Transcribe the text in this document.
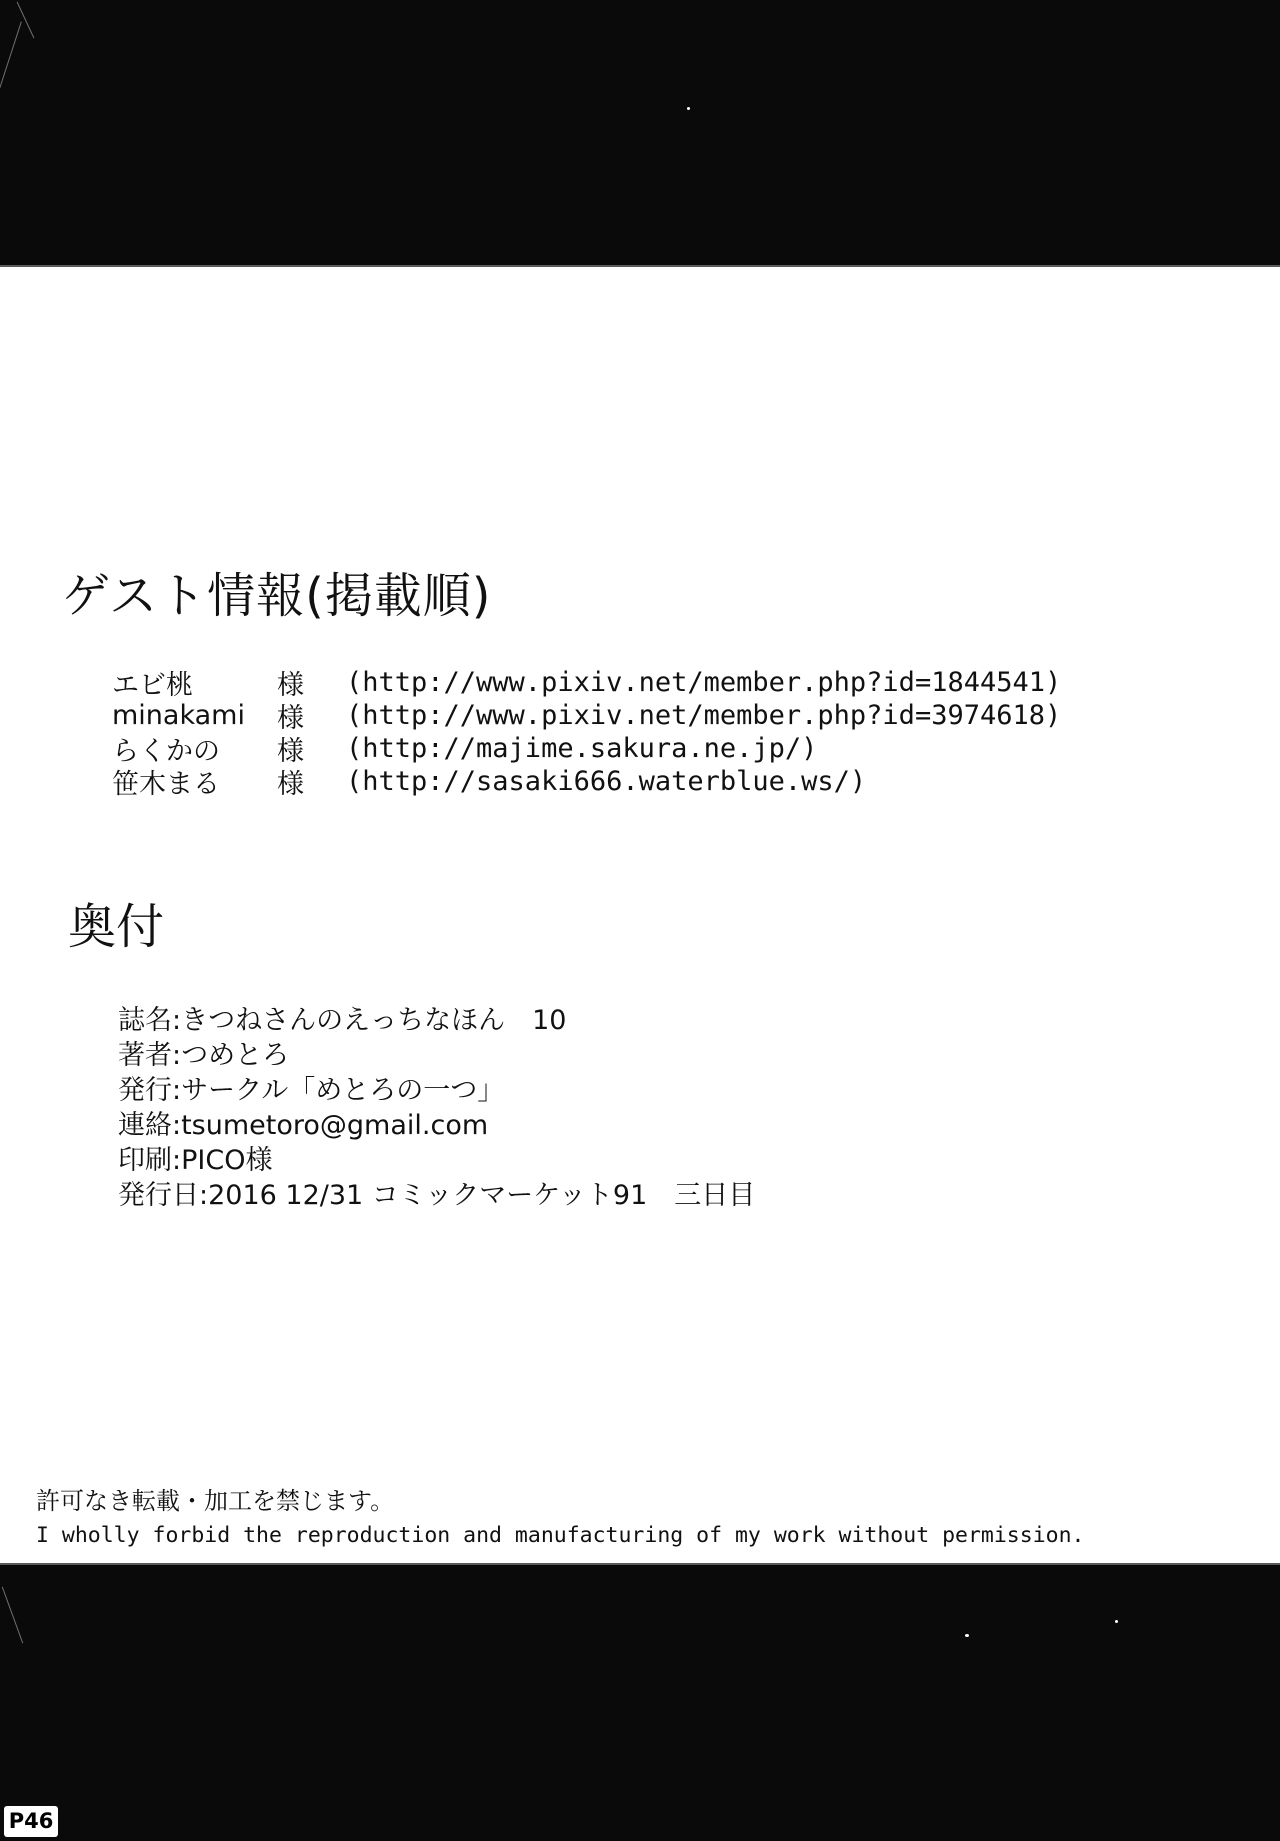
ゲスト情報(掲載順)
エビ桃	様	(http://www.pixiv.net/member.php?id=1844541)
minakami	様	(http://www.pixiv.net/member.php?id=3974618)
らくかの	様	(http://majime.sakura.ne.jp/)
笹木まる	様	(http://sasaki666.waterblue.ws/)
奥付
誌名:きつねさんのえっちなほん　10
著者:つめとろ
発行:サークル「めとろの一つ」
連絡:tsumetoro@gmail.com
印刷:PICO様
発行日:2016 12/31 コミックマーケット91　三日目
許可なき転載・加工を禁じます。
I wholly forbid the reproduction and manufacturing of my work without permission.
P46
